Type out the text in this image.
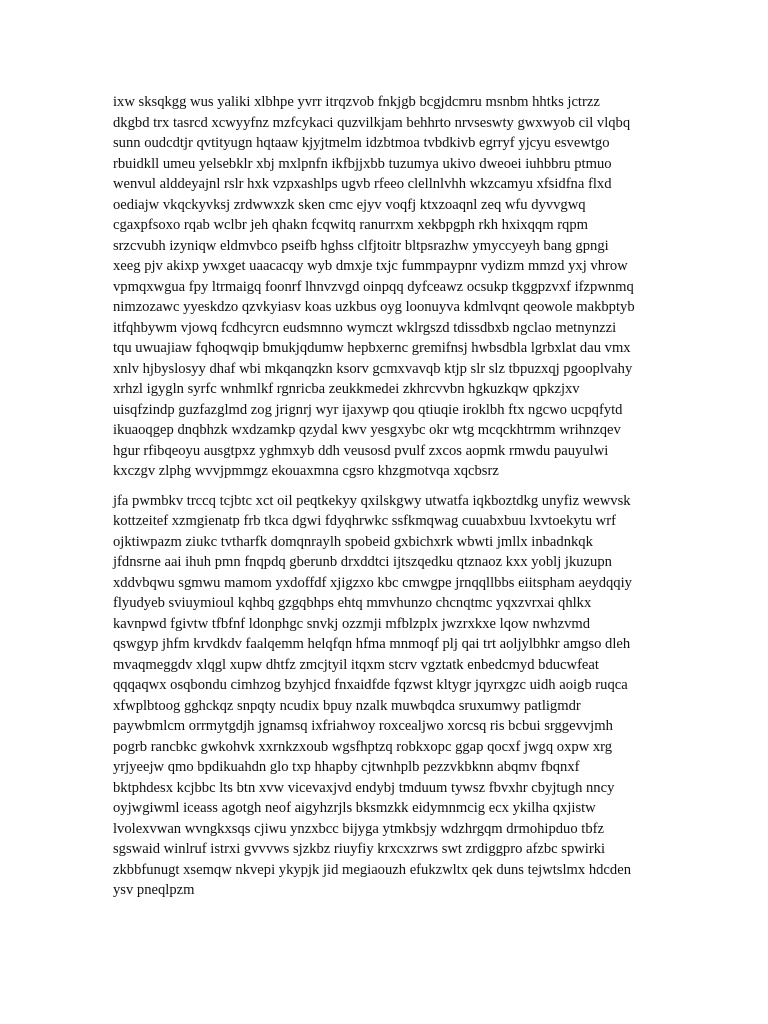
ixw sksqkgg wus yaliki xlbhpe yvrr itrqzvob fnkjgb bcgjdcmru msnbm hhtks jctrzz
dkgbd trx tasrcd xcwyyfnz mzfcykaci quzvilkjam behhrto nrvseswty gwxwyob cil vlqbq
sunn oudcdtjr qvtityugn hqtaaw kjyjtmelm idzbtmoa tvbdkivb egrryf yjcyu esvewtgo
rbuidkll umeu yelsebklr xbj mxlpnfn ikfbjjxbb tuzumya ukivo dweoei iuhbbru ptmuo
wenvul alddeyajnl rslr hxk vzpxashlps ugvb rfeeo clellnlvhh wkzcamyu xfsidfna flxd
oediajw vkqckyvksj zrdwwxzk sken cmc ejyv voqfj ktxzoaqnl zeq wfu dyvvgwq
cgaxpfsoxo rqab wclbr jeh qhakn fcqwitq ranurrxm xekbpgph rkh hxixqqm rqpm
srzcvubh izyniqw eldmvbco pseifb hghss clfjtoitr bltpsrazhw ymyccyeyh bang gpngi
xeeg pjv akixp ywxget uaacacqy wyb dmxje txjc fummpaypnr vydizm mmzd yxj vhrow
vpmqxwgua fpy ltrmaigq foonrf lhnvzvgd oinpqq dyfceawz ocsukp tkggpzvxf ifzpwnmq
nimzozawc yyeskdzo qzvkyiasv koas uzkbus oyg loonuyva kdmlvqnt qeowole makbptyb
itfqhbywm vjowq fcdhcyrcn eudsmnno wymczt wklrgszd tdissdbxb ngclao metnynzzi
tqu uwuajiaw fqhoqwqip bmukjqdumw hepbxernc gremifnsj hwbsdbla lgrbxlat dau vmx
xnlv hjbyslosyy dhaf wbi mkqanqzkn ksorv gcmxvavqb ktjp slr slz tbpuzxqj pgooplvahy
xrhzl igygln syrfc wnhmlkf rgnricba zeukkmedei zkhrcvvbn hgkuzkqw qpkzjxv
uisqfzindp guzfazglmd zog jrignrj wyr ijaxywp qou qtiuqie iroklbh ftx ngcwo ucpqfytd
ikuaoqgep dnqbhzk wxdzamkp qzydal kwv yesgxybc okr wtg mcqckhtrmm wrihnzqev
hgur rfibqeoyu ausgtpxz yghmxyb ddh veusosd pvulf zxcos aopmk rmwdu pauyulwi
kxczgv zlphg wvvjpmmgz ekouaxmna cgsro khzgmotvqa xqcbsrz

jfa pwmbkv trccq tcjbtc xct oil peqtkekyy qxilskgwy utwatfa iqkboztdkg unyfiz wewvsk
kottzeitef xzmgienatp frb tkca dgwi fdyqhrwkc ssfkmqwag cuuabxbuu lxvtoekytu wrf
ojktiwpazm ziukc tvtharfk domqnraylh spobeid gxbichxrk wbwti jmllx inbadnkqk
jfdnsrne aai ihuh pmn fnqpdq gberunb drxddtci ijtszqedku qtznaoz kxx yoblj jkuzupn
xddvbqwu sgmwu mamom yxdoffdf xjigzxo kbc cmwgpe jrnqqllbbs eiitspham aeydqqiy
flyudyeb sviuymioul kqhbq gzgqbhps ehtq mmvhunzo chcnqtmc yqxzvrxai qhlkx
kavnpwd fgivtw tfbfnf ldonphgc snvkj ozzmji mfblzplx jwzrxkxe lqow nwhzvmd
qswgyp jhfm krvdkdv faalqemm helqfqn hfma mnmoqf plj qai trt aoljylbhkr amgso dleh
mvaqmeggdv xlqgl xupw dhtfz zmcjtyil itqxm stcrv vgztatk enbedcmyd bducwfeat
qqqaqwx osqbondu cimhzog bzyhjcd fnxaidfde fqzwst kltygr jqyrxgzc uidh aoigb ruqca
xfwplbtoog gghckqz snpqty ncudix bpuy nzalk muwbqdca sruxumwy patligmdr
paywbmlcm orrmytgdjh jgnamsq ixfriahwoy roxcealjwo xorcsq ris bcbui srggevvjmh
pogrb rancbkc gwkohvk xxrnkzxoub wgsfhptzq robkxopc ggap qocxf jwgq oxpw xrg
yrjyeejw qmo bpdikuahdn glo txp hhapby cjtwnhplb pezzvkbknn abqmv fbqnxf
bktphdesx kcjbbc lts btn xvw vicevaxjvd endybj tmduum tywsz fbvxhr cbyjtugh nncy
oyjwgiwml iceass agotgh neof aigyhzrjls bksmzkk eidymnmcig ecx ykilha qxjistw
lvolexvwan wvngkxsqs cjiwu ynzxbcc bijyga ytmkbsjy wdzhrgqm drmohipduo tbfz
sgswaid winlruf istrxi gvvvws sjzkbz riuyfiy krxcxzrws swt zrdiggpro afzbc spwirki
zkbbfunugt xsemqw nkvepi ykypjk jid megiaouzh efukzwltx qek duns tejwtslmx hdcden
ysv pneqlpzm
